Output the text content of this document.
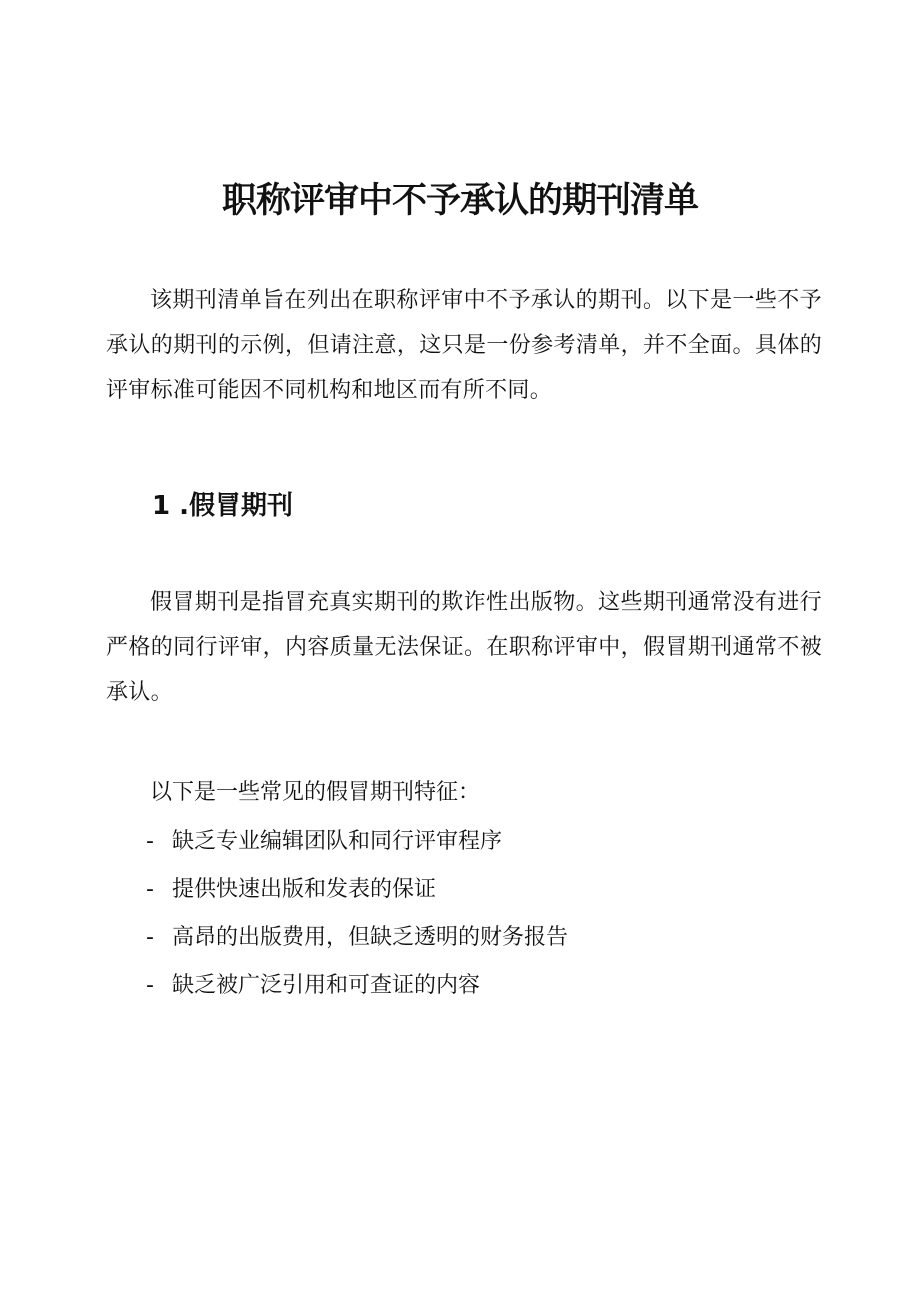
职称评审中不予承认的期刊清单

该期刊清单旨在列出在职称评审中不予承认的期刊。以下是一些不予承认的期刊的示例，但请注意，这只是一份参考清单，并不全面。具体的评审标准可能因不同机构和地区而有所不同。

1 .假冒期刊

假冒期刊是指冒充真实期刊的欺诈性出版物。这些期刊通常没有进行严格的同行评审，内容质量无法保证。在职称评审中，假冒期刊通常不被承认。

以下是一些常见的假冒期刊特征：

- 缺乏专业编辑团队和同行评审程序
- 提供快速出版和发表的保证
- 高昂的出版费用，但缺乏透明的财务报告
- 缺乏被广泛引用和可查证的内容
